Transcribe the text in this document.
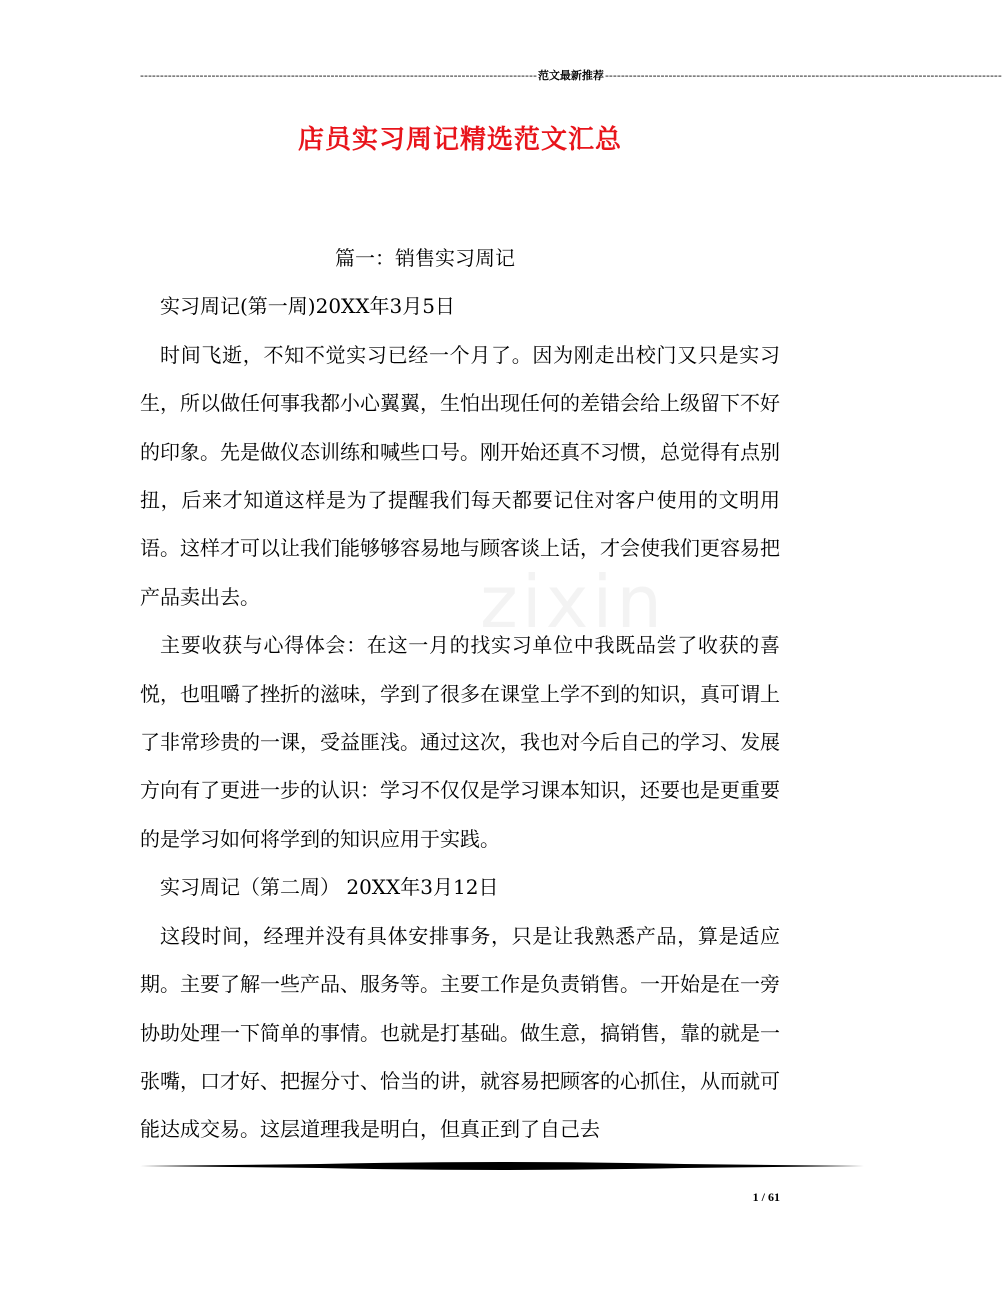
---------------------------------------------------------------------------------------------------- 范文最新推荐 ----------------------------------------------------------------------------------------------------
店员实习周记精选范文汇总
zixin

篇一：销售实习周记

实习周记(第一周)20XX年3月5日

时间飞逝，不知不觉实习已经一个月了。因为刚走出校门又只是实习生，所以做任何事我都小心翼翼，生怕出现任何的差错会给上级留下不好的印象。先是做仪态训练和喊些口号。刚开始还真不习惯，总觉得有点别扭，后来才知道这样是为了提醒我们每天都要记住对客户使用的文明用语。这样才可以让我们能够够容易地与顾客谈上话，才会使我们更容易把产品卖出去。

主要收获与心得体会：在这一月的找实习单位中我既品尝了收获的喜悦，也咀嚼了挫折的滋味，学到了很多在课堂上学不到的知识，真可谓上了非常珍贵的一课，受益匪浅。通过这次，我也对今后自己的学习、发展方向有了更进一步的认识：学习不仅仅是学习课本知识，还要也是更重要的是学习如何将学到的知识应用于实践。

实习周记（第二周） 20XX年3月12日

这段时间，经理并没有具体安排事务，只是让我熟悉产品，算是适应期。主要了解一些产品、服务等。主要工作是负责销售。一开始是在一旁协助处理一下简单的事情。也就是打基础。做生意，搞销售，靠的就是一张嘴，口才好、把握分寸、恰当的讲，就容易把顾客的心抓住，从而就可能达成交易。这层道理我是明白，但真正到了自己去

1 / 61
